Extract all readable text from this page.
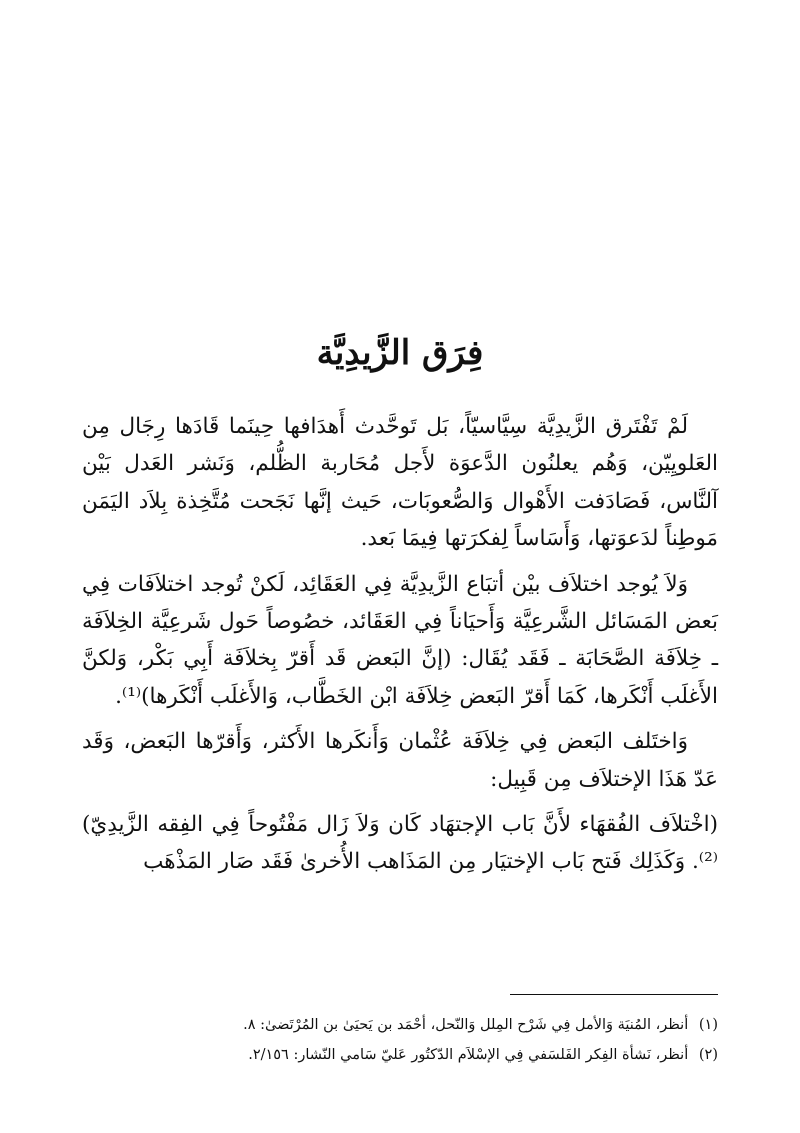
فِرَق الزَّيدِيَّة

لَمْ تَفْتَرق الزَّيدِيَّة سِيَّاسيّاً، بَل تَوحَّدث أَهدَافها حِينَما قَادَها رِجَال مِن العَلويِيّن، وَهُم يعلنُون الدَّعوَة لأَجل مُحَاربة الظُّلم، وَنَشر العَدل بَيْن آلنَّاس، فَصَادَفت الأَهْوال وَالصُّعوبَات، حَيث إنَّها نَجَحت مُتَّخِذة بِلاَد اليَمَن مَوطِناً لدَعوَتها، وَأَسَاساً لِفكرَتها فِيمَا بَعد.

وَلاَ يُوجد اختلاَف بيْن أتبَاع الزَّيدِيَّة فِي العَقَائِد، لَكنْ تُوجد اختلاَفَات فِي بَعض المَسَائل الشَّرعِيَّة وَأَحيَاناً فِي العَقَائد، خصُوصاً حَول شَرعِيَّة الخِلاَفَة ـ خِلاَفَة الصَّحَابَة ـ فَقَد يُقَال: (إنَّ البَعض قَد أَقرّ بِخلاَفَة أَبِي بَكْر، وَلكنَّ الأَغلَب أَنْكَرها، كَمَا أَقرّ البَعض خِلاَفَة ابْن الخَطَّاب، وَالأَغلَب أَنْكَرها)⁽¹⁾.

وَاختَلف البَعض فِي خِلاَفَة عُثْمان وَأَنكَرها الأَكثر، وَأَقرّها البَعض، وَقَد عَدّ هَذَا الإختلاَف مِن قَبِيل:

(اخْتلاَف الفُقهَاء لأَنَّ بَاب الإجتهَاد كَان وَلاَ زَال مَفْتُوحاً فِي الفِقه الزَّيدِيّ)⁽²⁾. وَكَذَلِك فَتح بَاب الإختيَار مِن المَذَاهب الأُخرىٰ فَقَد صَار المَذْهَب

(١) أنظر، المُنيَة وَالأمل فِي شَرْح المِلل وَالنّحل، أحْمَد بن يَحيَىٰ بن المُرْتَضىٰ: ٨.

(٢) أنظر، نَشأة الفِكر الفَلسَفي فِي الإسْلاَم الدّكتُور عَليّ سَامي النّشار: ٢/١٥٦.
